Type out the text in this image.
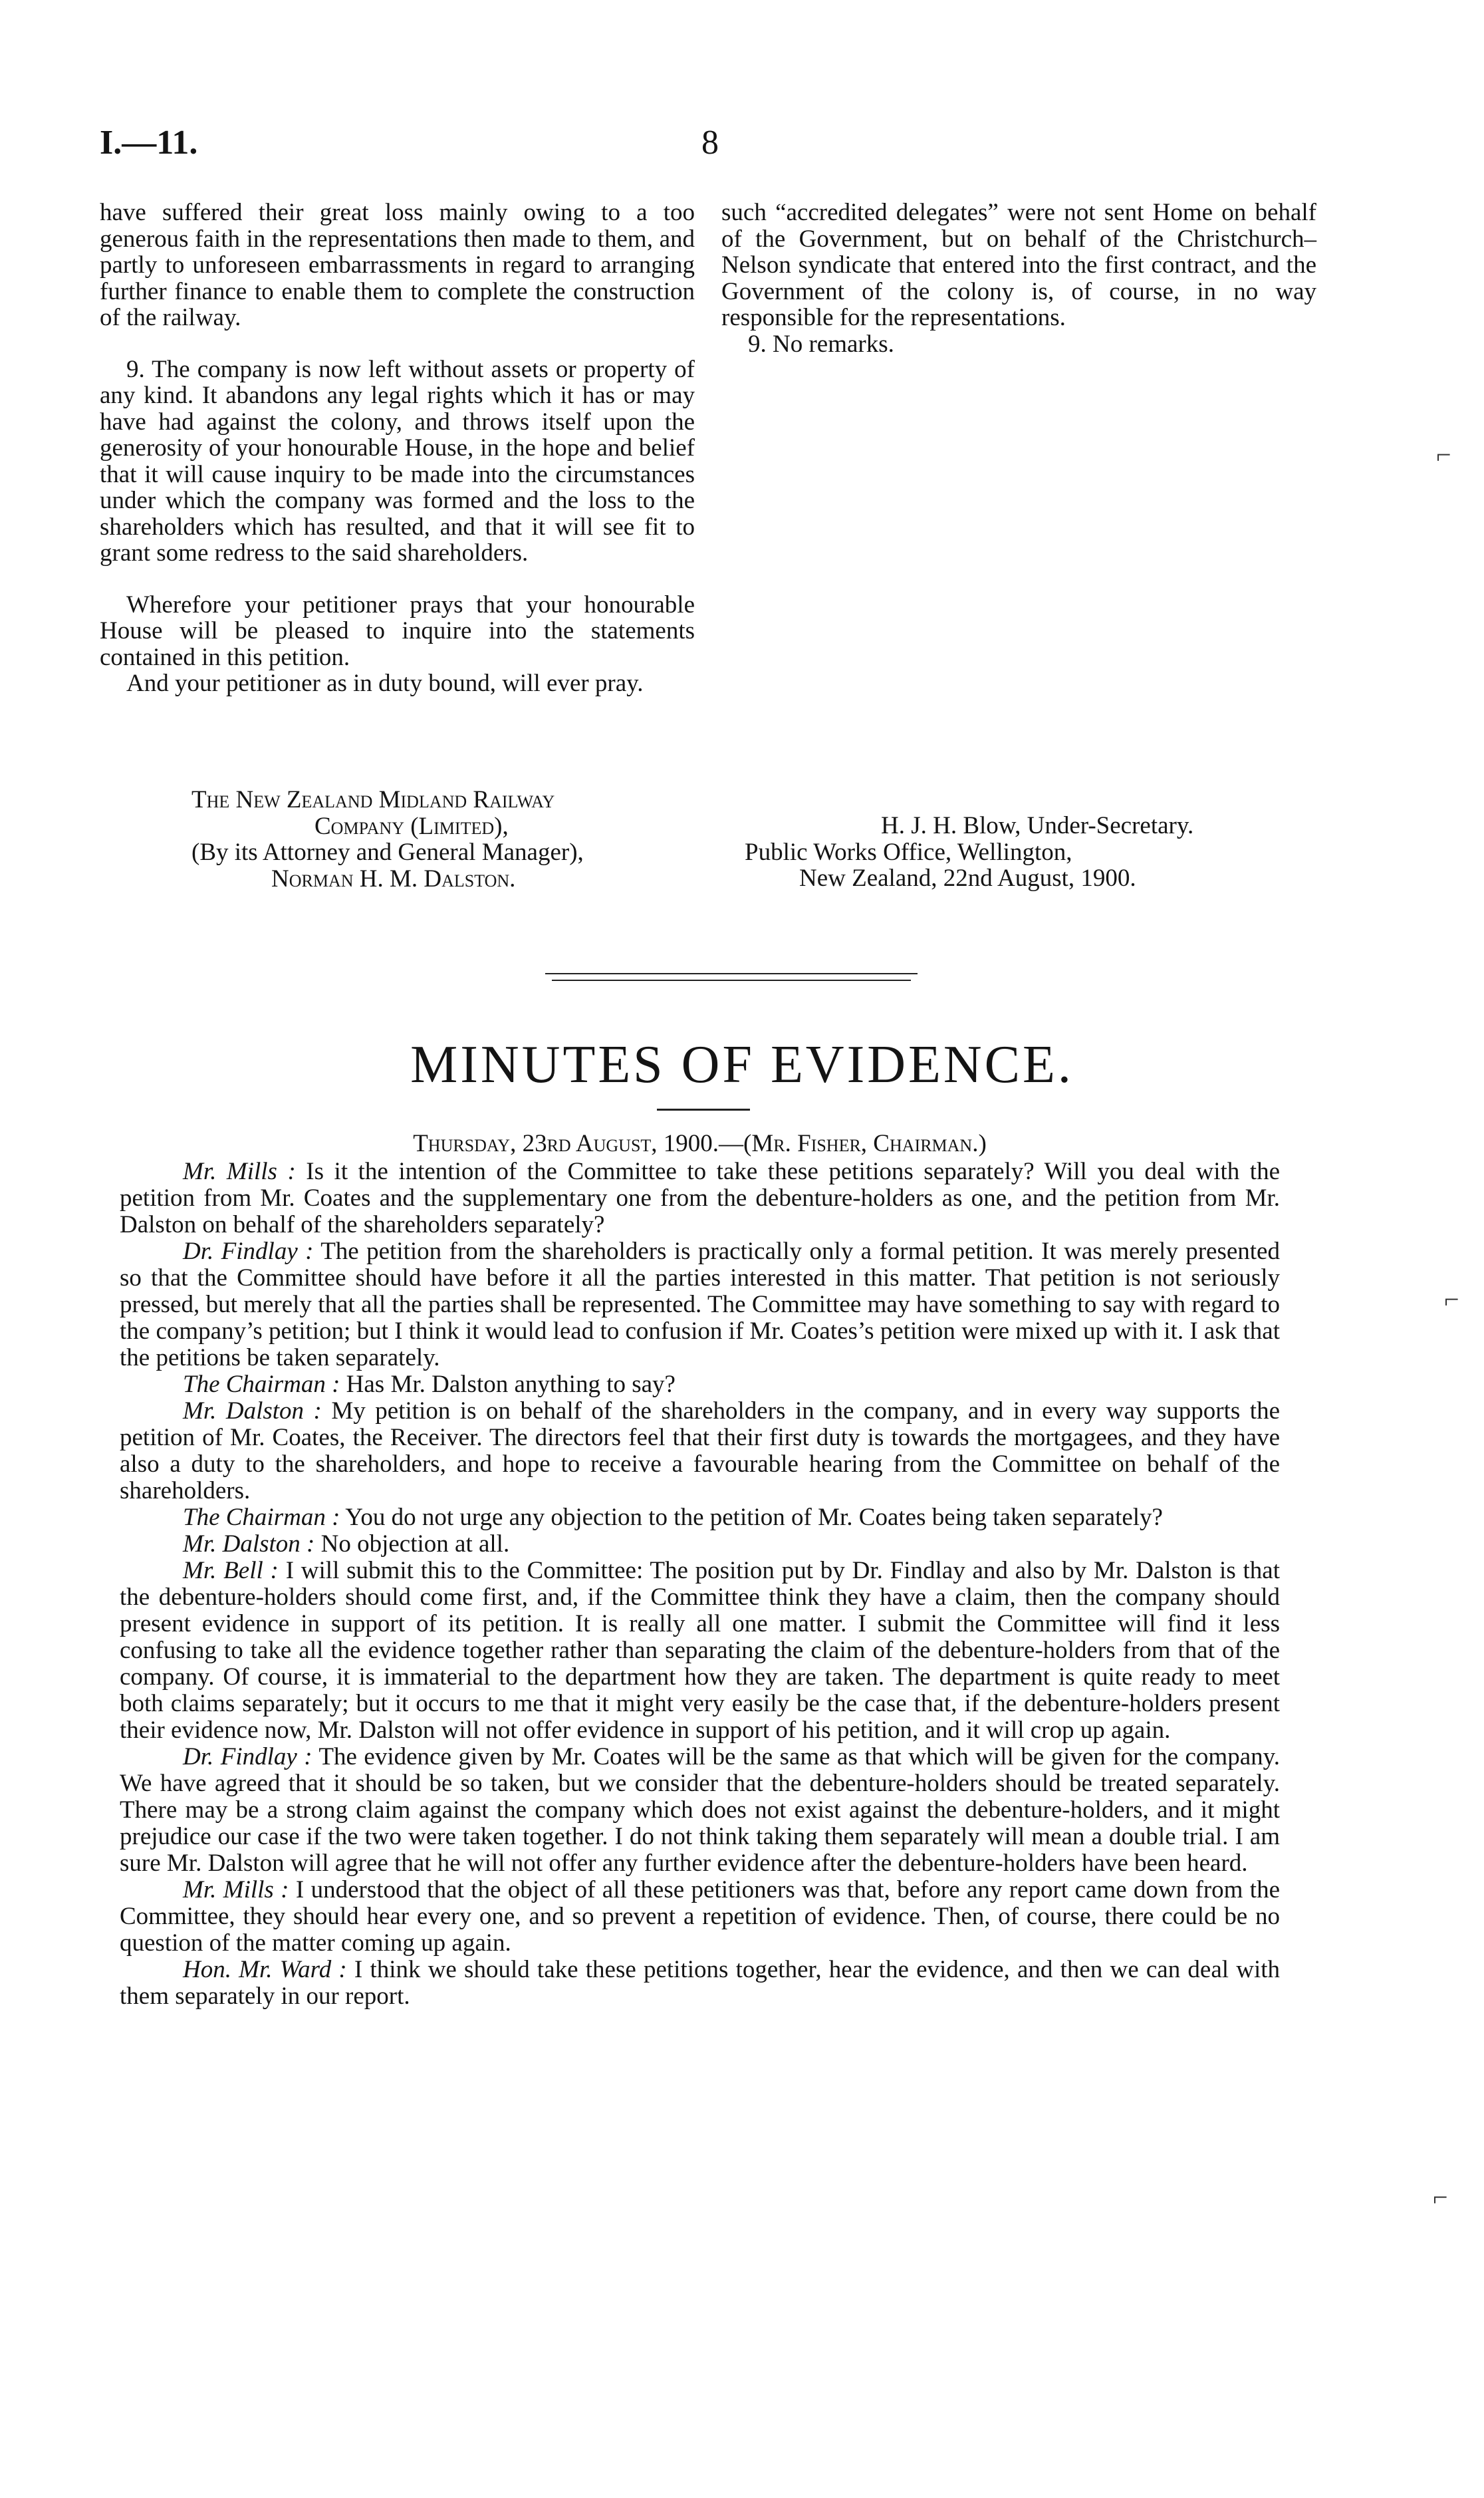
I.—11.	8

have suffered their great loss mainly owing to a too generous faith in the representations then made to them, and partly to unforeseen embarrassments in regard to arranging further finance to enable them to complete the construction of the railway.

9. The company is now left without assets or property of any kind. It abandons any legal rights which it has or may have had against the colony, and throws itself upon the generosity of your honourable House, in the hope and belief that it will cause inquiry to be made into the circumstances under which the company was formed and the loss to the shareholders which has resulted, and that it will see fit to grant some redress to the said shareholders.

Wherefore your petitioner prays that your honourable House will be pleased to inquire into the statements contained in this petition.

And your petitioner as in duty bound, will ever pray.

The New Zealand Midland Railway
Company (Limited),
(By its Attorney and General Manager),
Norman H. M. Dalston.

such “accredited delegates” were not sent Home on behalf of the Government, but on behalf of the Christchurch–Nelson syndicate that entered into the first contract, and the Government of the colony is, of course, in no way responsible for the representations.

9. No remarks.

H. J. H. Blow, Under-Secretary.
Public Works Office, Wellington,
New Zealand, 22nd August, 1900.
MINUTES OF EVIDENCE.
Thursday, 23rd August, 1900.—(Mr. Fisher, Chairman.)

Mr. Mills : Is it the intention of the Committee to take these petitions separately? Will you deal with the petition from Mr. Coates and the supplementary one from the debenture-holders as one, and the petition from Mr. Dalston on behalf of the shareholders separately?

Dr. Findlay : The petition from the shareholders is practically only a formal petition. It was merely presented so that the Committee should have before it all the parties interested in this matter. That petition is not seriously pressed, but merely that all the parties shall be represented. The Committee may have something to say with regard to the company’s petition; but I think it would lead to confusion if Mr. Coates’s petition were mixed up with it. I ask that the petitions be taken separately.

The Chairman : Has Mr. Dalston anything to say?

Mr. Dalston : My petition is on behalf of the shareholders in the company, and in every way supports the petition of Mr. Coates, the Receiver. The directors feel that their first duty is towards the mortgagees, and they have also a duty to the shareholders, and hope to receive a favourable hearing from the Committee on behalf of the shareholders.

The Chairman : You do not urge any objection to the petition of Mr. Coates being taken separately?

Mr. Dalston : No objection at all.

Mr. Bell : I will submit this to the Committee: The position put by Dr. Findlay and also by Mr. Dalston is that the debenture-holders should come first, and, if the Committee think they have a claim, then the company should present evidence in support of its petition. It is really all one matter. I submit the Committee will find it less confusing to take all the evidence together rather than separating the claim of the debenture-holders from that of the company. Of course, it is immaterial to the department how they are taken. The department is quite ready to meet both claims separately; but it occurs to me that it might very easily be the case that, if the debenture-holders present their evidence now, Mr. Dalston will not offer evidence in support of his petition, and it will crop up again.

Dr. Findlay : The evidence given by Mr. Coates will be the same as that which will be given for the company. We have agreed that it should be so taken, but we consider that the debenture-holders should be treated separately. There may be a strong claim against the company which does not exist against the debenture-holders, and it might prejudice our case if the two were taken together. I do not think taking them separately will mean a double trial. I am sure Mr. Dalston will agree that he will not offer any further evidence after the debenture-holders have been heard.

Mr. Mills : I understood that the object of all these petitioners was that, before any report came down from the Committee, they should hear every one, and so prevent a repetition of evidence. Then, of course, there could be no question of the matter coming up again.

Hon. Mr. Ward : I think we should take these petitions together, hear the evidence, and then we can deal with them separately in our report.

⌐
⌐
⌐
